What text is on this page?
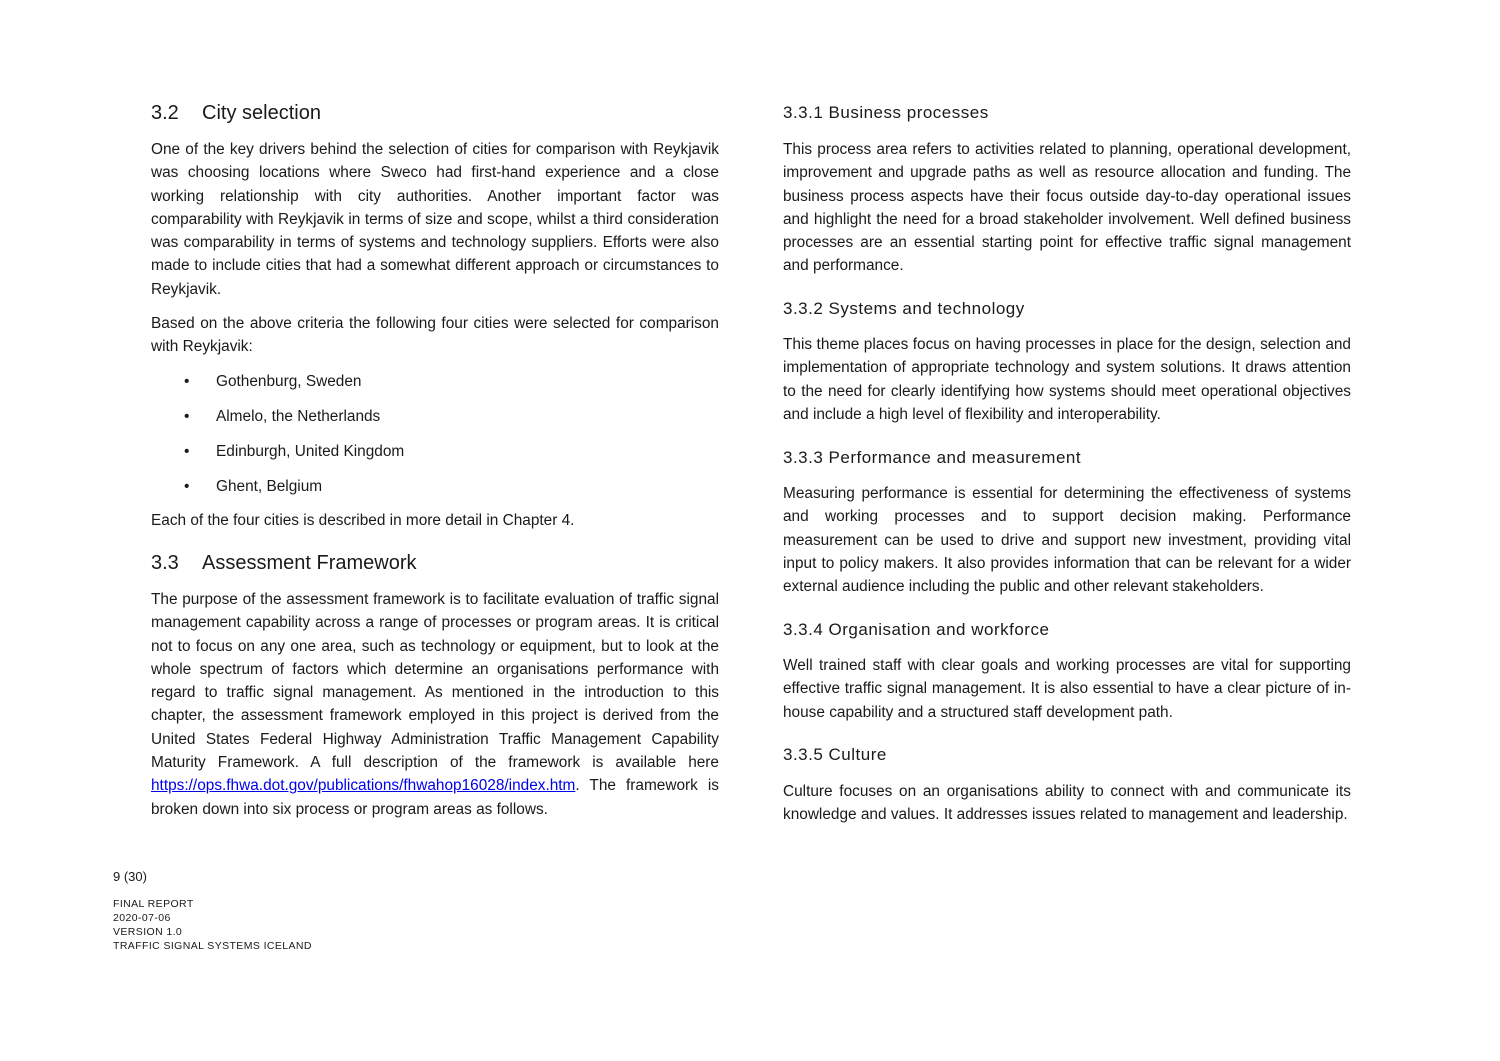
3.2 City selection

One of the key drivers behind the selection of cities for comparison with Reykjavik was choosing locations where Sweco had first-hand experience and a close working relationship with city authorities. Another important factor was comparability with Reykjavik in terms of size and scope, whilst a third consideration was comparability in terms of systems and technology suppliers. Efforts were also made to include cities that had a somewhat different approach or circumstances to Reykjavik.

Based on the above criteria the following four cities were selected for comparison with Reykjavik:

• Gothenburg, Sweden
• Almelo, the Netherlands
• Edinburgh, United Kingdom
• Ghent, Belgium

Each of the four cities is described in more detail in Chapter 4.

3.3 Assessment Framework

The purpose of the assessment framework is to facilitate evaluation of traffic signal management capability across a range of processes or program areas. It is critical not to focus on any one area, such as technology or equipment, but to look at the whole spectrum of factors which determine an organisations performance with regard to traffic signal management. As mentioned in the introduction to this chapter, the assessment framework employed in this project is derived from the United States Federal Highway Administration Traffic Management Capability Maturity Framework. A full description of the framework is available here https://ops.fhwa.dot.gov/publications/fhwahop16028/index.htm. The framework is broken down into six process or program areas as follows.

3.3.1 Business processes

This process area refers to activities related to planning, operational development, improvement and upgrade paths as well as resource allocation and funding. The business process aspects have their focus outside day-to-day operational issues and highlight the need for a broad stakeholder involvement. Well defined business processes are an essential starting point for effective traffic signal management and performance.

3.3.2 Systems and technology

This theme places focus on having processes in place for the design, selection and implementation of appropriate technology and system solutions. It draws attention to the need for clearly identifying how systems should meet operational objectives and include a high level of flexibility and interoperability.

3.3.3 Performance and measurement

Measuring performance is essential for determining the effectiveness of systems and working processes and to support decision making. Performance measurement can be used to drive and support new investment, providing vital input to policy makers. It also provides information that can be relevant for a wider external audience including the public and other relevant stakeholders.

3.3.4 Organisation and workforce

Well trained staff with clear goals and working processes are vital for supporting effective traffic signal management. It is also essential to have a clear picture of in-house capability and a structured staff development path.

3.3.5 Culture

Culture focuses on an organisations ability to connect with and communicate its knowledge and values. It addresses issues related to management and leadership.

9 (30)
FINAL REPORT
2020-07-06
VERSION 1.0
TRAFFIC SIGNAL SYSTEMS ICELAND
